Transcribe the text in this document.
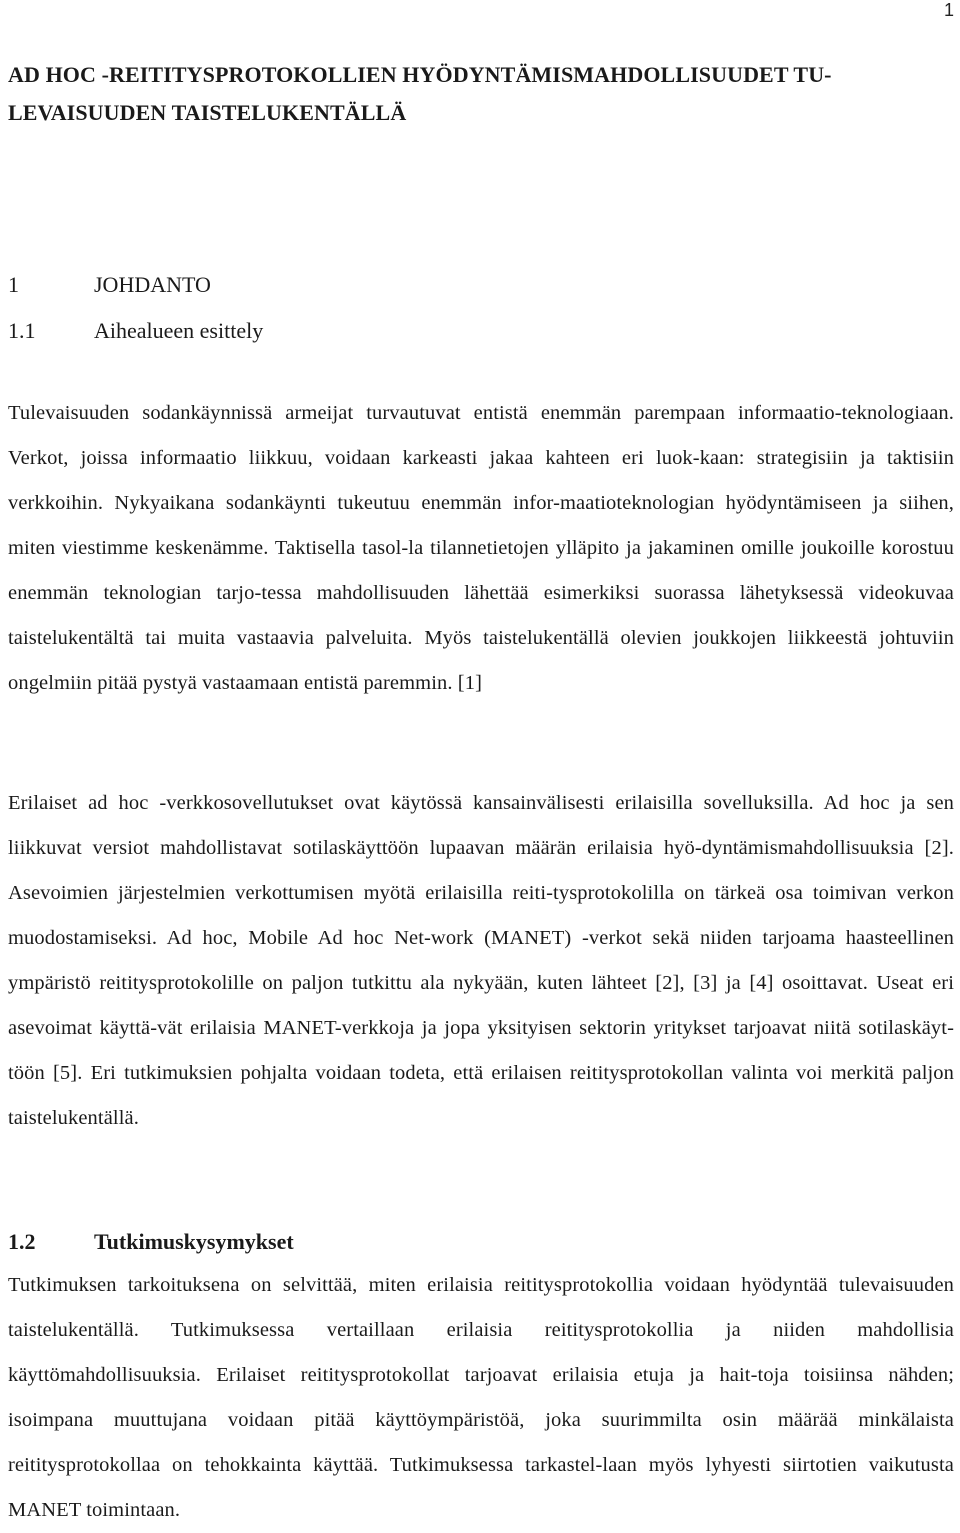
1
AD HOC -REITITYSPROTOKOLLIEN HYÖDYNTÄMISMAHDOLLISUUDET TU-LEVAISUUDEN TAISTELUKENTÄLLÄ
1	JOHDANTO
1.1	Aihealueen esittely

Tulevaisuuden sodankäynnissä armeijat turvautuvat entistä enemmän parempaan informaatio-teknologiaan. Verkot, joissa informaatio liikkuu, voidaan karkeasti jakaa kahteen eri luok-kaan: strategisiin ja taktisiin verkkoihin. Nykyaikana sodankäynti tukeutuu enemmän infor-maatioteknologian hyödyntämiseen ja siihen, miten viestimme keskenämme. Taktisella tasol-la tilannetietojen ylläpito ja jakaminen omille joukoille korostuu enemmän teknologian tarjo-tessa mahdollisuuden lähettää esimerkiksi suorassa lähetyksessä videokuvaa taistelukentältä tai muita vastaavia palveluita. Myös taistelukentällä olevien joukkojen liikkeestä johtuviin ongelmiin pitää pystyä vastaamaan entistä paremmin. [1]

Erilaiset ad hoc -verkkosovellutukset ovat käytössä kansainvälisesti erilaisilla sovelluksilla. Ad hoc ja sen liikkuvat versiot mahdollistavat sotilaskäyttöön lupaavan määrän erilaisia hyö-dyntämismahdollisuuksia [2]. Asevoimien järjestelmien verkottumisen myötä erilaisilla reiti-tysprotokolilla on tärkeä osa toimivan verkon muodostamiseksi. Ad hoc, Mobile Ad hoc Net-work (MANET) -verkot sekä niiden tarjoama haasteellinen ympäristö reititysprotokolille on paljon tutkittu ala nykyään, kuten lähteet [2], [3] ja [4] osoittavat. Useat eri asevoimat käyttä-vät erilaisia MANET-verkkoja ja jopa yksityisen sektorin yritykset tarjoavat niitä sotilaskäyt-töön [5]. Eri tutkimuksien pohjalta voidaan todeta, että erilaisen reititysprotokollan valinta voi merkitä paljon taistelukentällä.

1.2	Tutkimuskysymykset

Tutkimuksen tarkoituksena on selvittää, miten erilaisia reititysprotokollia voidaan hyödyntää tulevaisuuden taistelukentällä. Tutkimuksessa vertaillaan erilaisia reititysprotokollia ja niiden mahdollisia käyttömahdollisuuksia. Erilaiset reititysprotokollat tarjoavat erilaisia etuja ja hait-toja toisiinsa nähden; isoimpana muuttujana voidaan pitää käyttöympäristöä, joka suurimmilta osin määrää minkälaista reititysprotokollaa on tehokkainta käyttää. Tutkimuksessa tarkastel-laan myös lyhyesti siirtotien vaikutusta MANET toimintaan.
